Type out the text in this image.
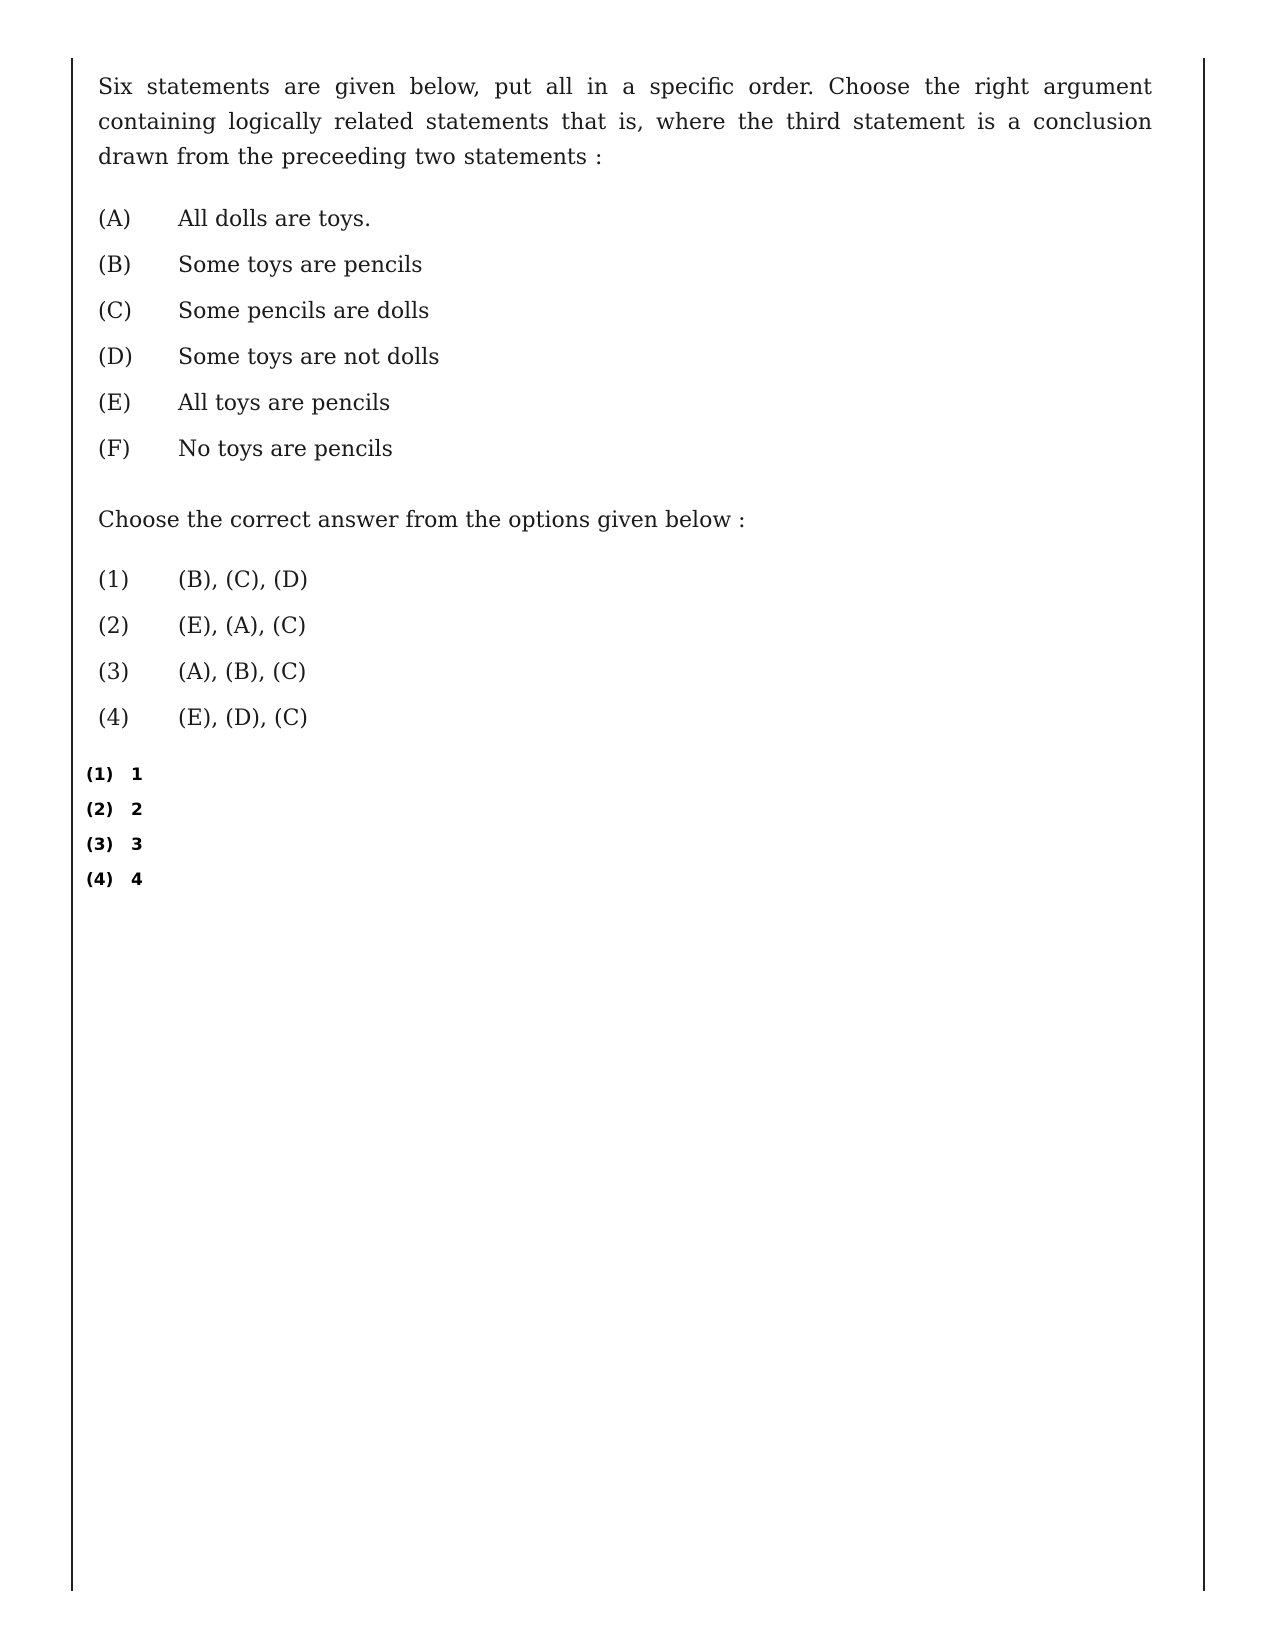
Six statements are given below, put all in a specific order. Choose the right argument containing logically related statements that is, where the third statement is a conclusion drawn from the preceeding two statements :

(A)	All dolls are toys.
(B)	Some toys are pencils
(C)	Some pencils are dolls
(D)	Some toys are not dolls
(E)	All toys are pencils
(F)	No toys are pencils

Choose the correct answer from the options given below :

(1)	(B), (C), (D)
(2)	(E), (A), (C)
(3)	(A), (B), (C)
(4)	(E), (D), (C)
(1)	1
(2)	2
(3)	3
(4)	4
